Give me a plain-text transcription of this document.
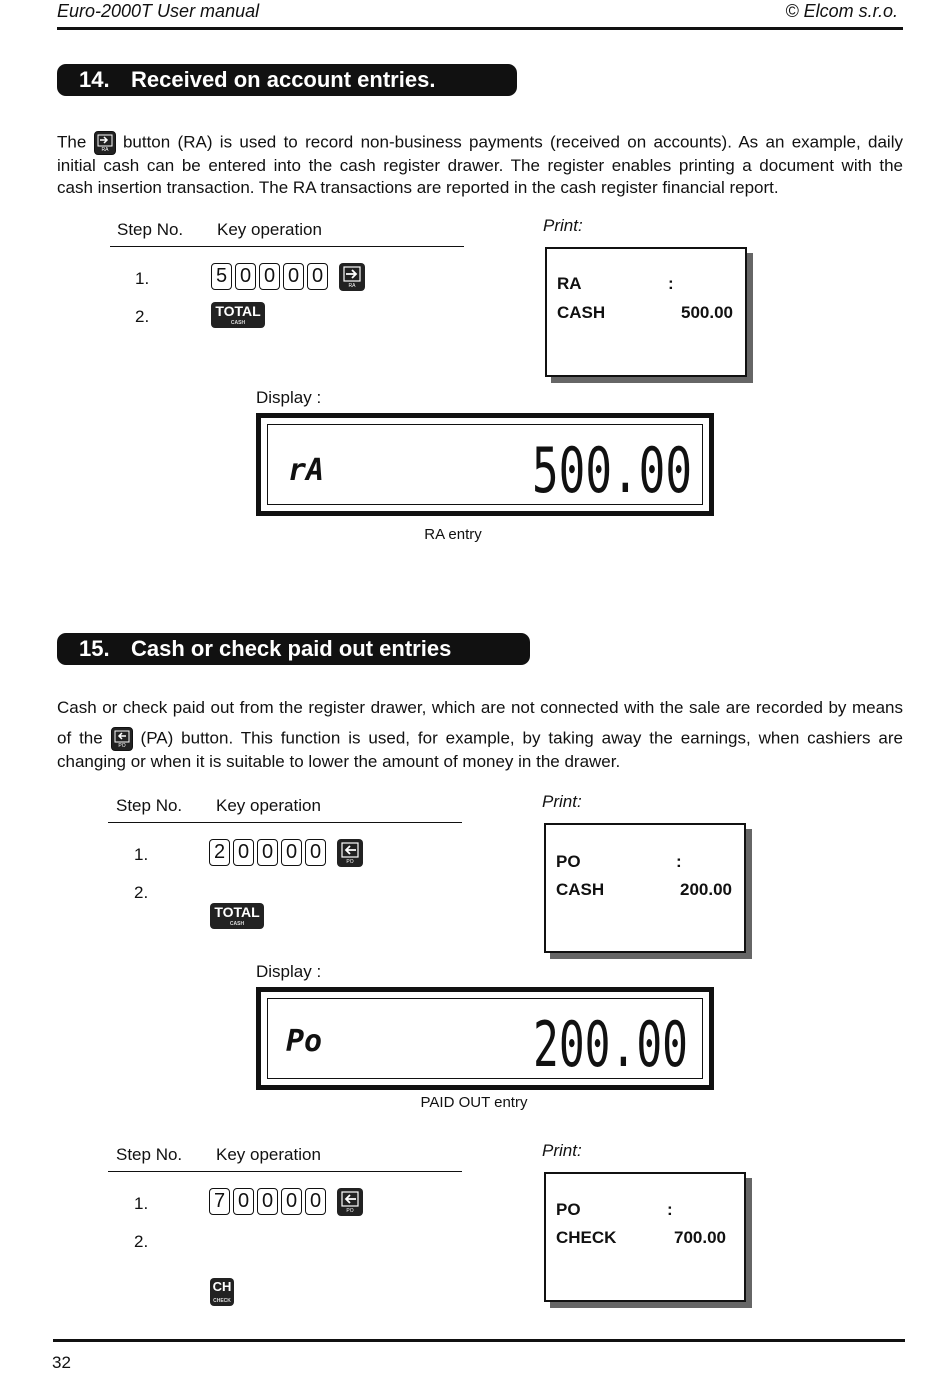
Euro-2000T User manual	© Elcom s.r.o.
14. Received on account entries.
The	RA button (RA) is used to record non-business payments (received on accounts). As an example, daily
initial cash can be entered into the cash register drawer. The register enables printing a document with the
cash insertion transaction. The RA transactions are reported in the cash register financial report.
Step No. Key operation
1.	5 0 0 0 0	RA
2.	TOTAL
CASH
Print:
RA	:
CASH	500.00
Display :
rA	500.00
RA entry
15. Cash or check paid out entries
Cash or check paid out from the register drawer, which are not connected with the sale are recorded by means
of the	PO (PA) button. This function is used, for example, by taking away the earnings, when cashiers are
changing or when it is suitable to lower the amount of money in the drawer.
Step No. Key operation
1.	2 0 0 0 0	PO
2.
TOTAL
CASH
Print:
PO	:
CASH	200.00
Display :
Po	200.00
PAID OUT entry
Step No. Key operation
1.	7 0 0 0 0	PO
2.
CH
CHECK
Print:
PO	:
CHECK	700.00
32
